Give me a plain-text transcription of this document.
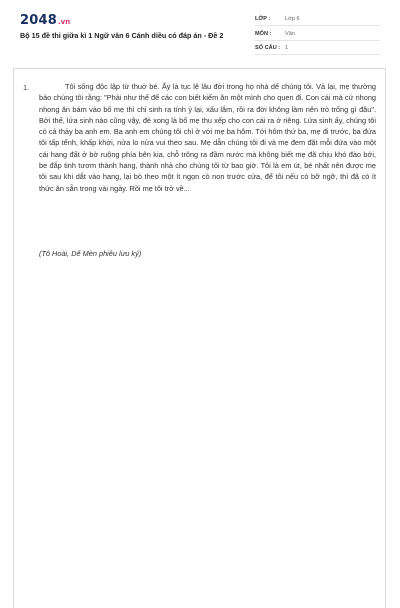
2048.vn
Bộ 15 đề thi giữa kì 1 Ngữ văn 6 Cánh diều có đáp án - Đề 2
LỚP :	Lớp 6
MÔN : Văn
SỐ CÂU : 1
1.	Tôi sống độc lập từ thuở bé. Ấy là tục lệ lâu đời trong họ nhà dế chúng tôi. Vả lại, mẹ thường bảo chúng tôi rằng: "Phải như thế để các con biết kiếm ăn một mình cho quen đi. Con cái mà cứ nhong nhong ăn bám vào bố mẹ thì chỉ sinh ra tính ỷ lại, xấu lắm, rồi ra đời không làm nên trò trống gì đâu". Bởi thế, lứa sinh nào cũng vậy, đẻ xong là bố mẹ thu xếp cho con cái ra ở riêng. Lứa sinh ấy, chúng tôi có cả thảy ba anh em. Ba anh em chúng tôi chỉ ở với mẹ ba hôm. Tới hôm thứ ba, mẹ đi trước, ba đứa tôi tấp tểnh, khấp khởi, nửa lo nửa vui theo sau. Mẹ dẫn chúng tôi đi và mẹ đem đặt mỗi đứa vào một cái hang đất ở bờ ruộng phía bên kia, chỗ trông ra đầm nước mà không biết mẹ đã chịu khó đào bới, be đắp tinh tươm thành hang, thành nhà cho chúng tôi từ bao giờ. Tôi là em út, bé nhất nên được mẹ tôi sau khi dắt vào hang, lại bỏ theo một ít ngọn cỏ non trước cửa, để tôi nếu có bỡ ngỡ, thì đã có ít thức ăn sẵn trong vài ngày. Rồi mẹ tôi trở về...

(Tô Hoài, Dế Mèn phiêu lưu ký)
